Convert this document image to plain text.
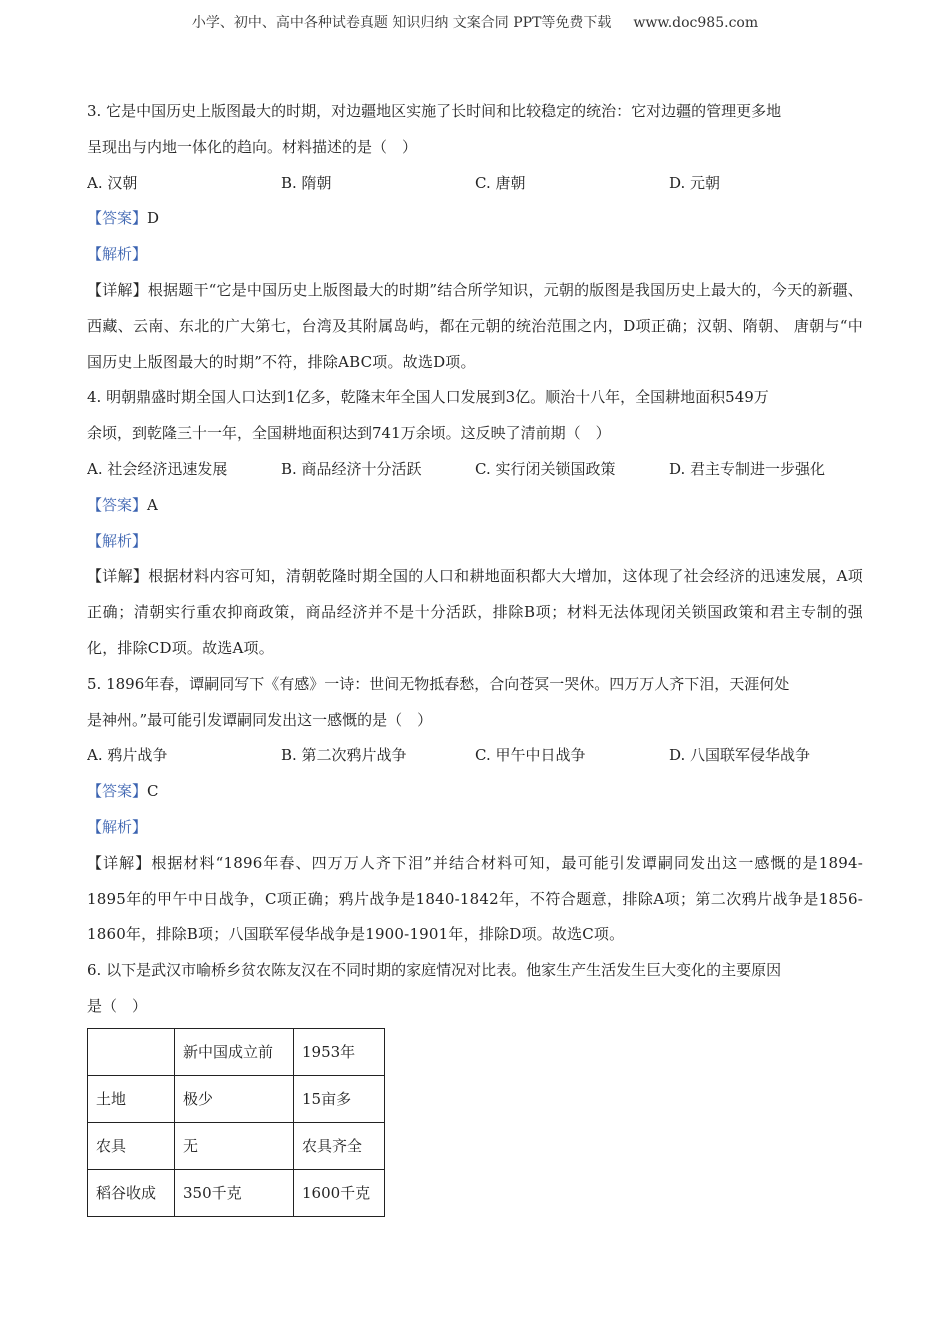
小学、初中、高中各种试卷真题 知识归纳 文案合同 PPT等免费下载 www.doc985.com
3. 它是中国历史上版图最大的时期，对边疆地区实施了长时间和比较稳定的统治：它对边疆的管理更多地
呈现出与内地一体化的趋向。材料描述的是（　）
A. 汉朝	B. 隋朝	C. 唐朝	D. 元朝
【答案】D
【解析】
【详解】根据题干“它是中国历史上版图最大的时期”结合所学知识，元朝的版图是我国历史上最大的，今天的新疆、西藏、云南、东北的广大第七，台湾及其附属岛屿，都在元朝的统治范围之内，D项正确；汉朝、隋朝、 唐朝与“中国历史上版图最大的时期”不符，排除ABC项。故选D项。
4. 明朝鼎盛时期全国人口达到1亿多，乾隆末年全国人口发展到3亿。顺治十八年，全国耕地面积549万
余顷，到乾隆三十一年，全国耕地面积达到741万余顷。这反映了清前期（　）
A. 社会经济迅速发展	B. 商品经济十分活跃	C. 实行闭关锁国政策	D. 君主专制进一步强化
【答案】A
【解析】
【详解】根据材料内容可知，清朝乾隆时期全国的人口和耕地面积都大大增加，这体现了社会经济的迅速发展，A项正确；清朝实行重农抑商政策，商品经济并不是十分活跃，排除B项；材料无法体现闭关锁国政策和君主专制的强化，排除CD项。故选A项。
5. 1896年春，谭嗣同写下《有感》一诗：世间无物抵春愁，合向苍冥一哭休。四万万人齐下泪，天涯何处
是神州。”最可能引发谭嗣同发出这一感慨的是（　）
A. 鸦片战争	B. 第二次鸦片战争	C. 甲午中日战争	D. 八国联军侵华战争
【答案】C
【解析】
【详解】根据材料“1896年春、四万万人齐下泪”并结合材料可知，最可能引发谭嗣同发出这一感慨的是1894-1895年的甲午中日战争，C项正确；鸦片战争是1840-1842年，不符合题意，排除A项；第二次鸦片战争是1856-1860年，排除B项；八国联军侵华战争是1900-1901年，排除D项。故选C项。
6. 以下是武汉市喻桥乡贫农陈友汉在不同时期的家庭情况对比表。他家生产生活发生巨大变化的主要原因
是（　）
	新中国成立前	1953年
土地	极少	15亩多
农具	无	农具齐全
稻谷收成	350千克	1600千克
